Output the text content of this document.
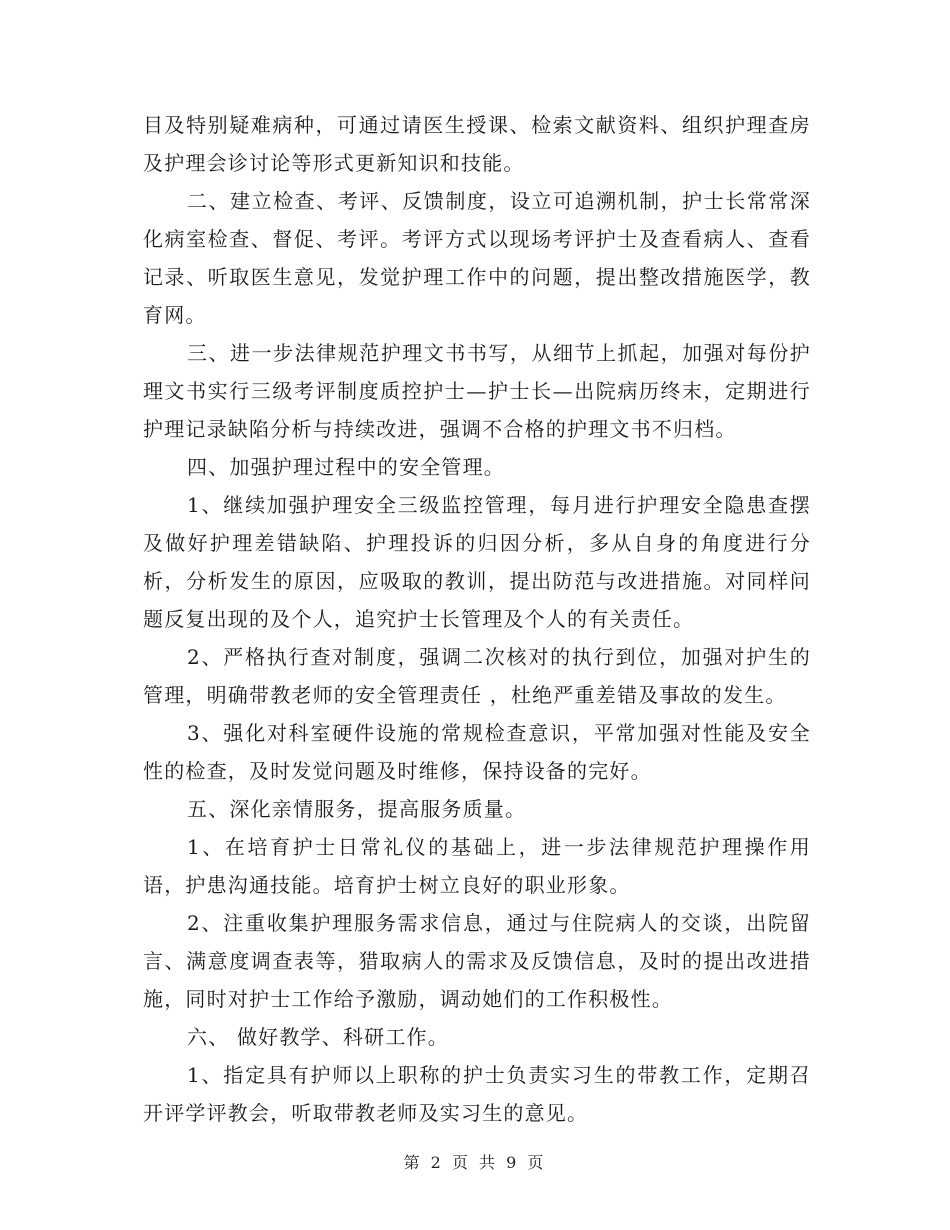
目及特别疑难病种，可通过请医生授课、检索文献资料、组织护理查房及护理会诊讨论等形式更新知识和技能。

二、建立检查、考评、反馈制度，设立可追溯机制，护士长常常深化病室检查、督促、考评。考评方式以现场考评护士及查看病人、查看记录、听取医生意见，发觉护理工作中的问题，提出整改措施医学，教育网。

三、进一步法律规范护理文书书写，从细节上抓起，加强对每份护理文书实行三级考评制度质控护士—护士长—出院病历终末，定期进行护理记录缺陷分析与持续改进，强调不合格的护理文书不归档。

四、加强护理过程中的安全管理。

1、继续加强护理安全三级监控管理，每月进行护理安全隐患查摆及做好护理差错缺陷、护理投诉的归因分析，多从自身的角度进行分析，分析发生的原因，应吸取的教训，提出防范与改进措施。对同样问题反复出现的及个人，追究护士长管理及个人的有关责任。

2、严格执行查对制度，强调二次核对的执行到位，加强对护生的管理，明确带教老师的安全管理责任 ，杜绝严重差错及事故的发生。

3、强化对科室硬件设施的常规检查意识，平常加强对性能及安全性的检查，及时发觉问题及时维修，保持设备的完好。

五、深化亲情服务，提高服务质量。

1、在培育护士日常礼仪的基础上，进一步法律规范护理操作用语，护患沟通技能。培育护士树立良好的职业形象。

2、注重收集护理服务需求信息，通过与住院病人的交谈，出院留言、满意度调查表等，猎取病人的需求及反馈信息，及时的提出改进措施，同时对护士工作给予激励，调动她们的工作积极性。

六、 做好教学、科研工作。

1、指定具有护师以上职称的护士负责实习生的带教工作，定期召开评学评教会，听取带教老师及实习生的意见。

第 2 页 共 9 页
